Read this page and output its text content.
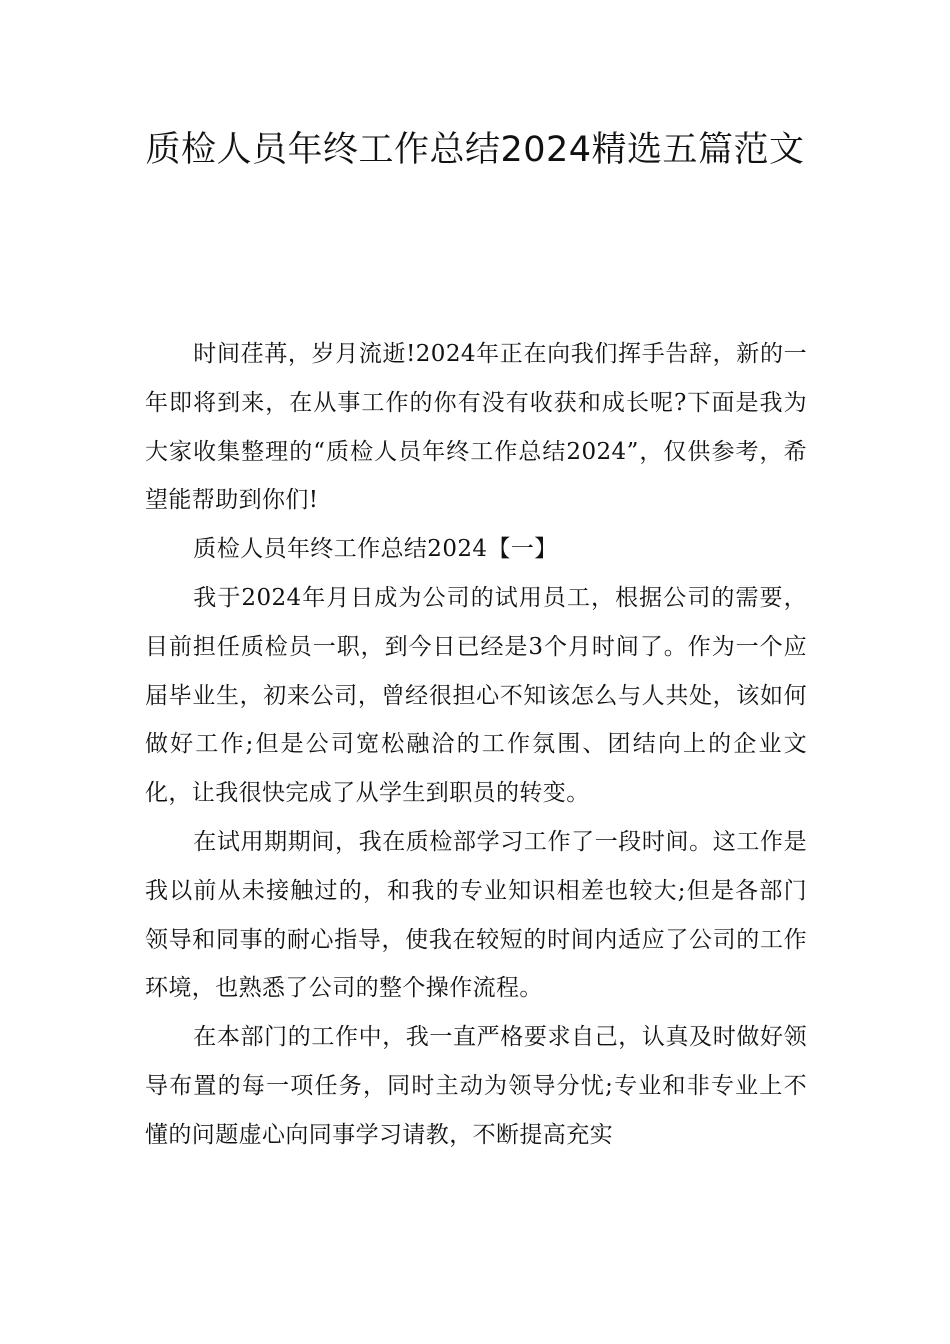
质检人员年终工作总结2024精选五篇范文

时间荏苒，岁月流逝!2024年正在向我们挥手告辞，新的一年即将到来，在从事工作的你有没有收获和成长呢?下面是我为大家收集整理的“质检人员年终工作总结2024”，仅供参考，希望能帮助到你们!

质检人员年终工作总结2024【一】

我于2024年月日成为公司的试用员工，根据公司的需要，目前担任质检员一职，到今日已经是3个月时间了。作为一个应届毕业生，初来公司，曾经很担心不知该怎么与人共处，该如何做好工作;但是公司宽松融洽的工作氛围、团结向上的企业文化，让我很快完成了从学生到职员的转变。

在试用期期间，我在质检部学习工作了一段时间。这工作是我以前从未接触过的，和我的专业知识相差也较大;但是各部门领导和同事的耐心指导，使我在较短的时间内适应了公司的工作环境，也熟悉了公司的整个操作流程。

在本部门的工作中，我一直严格要求自己，认真及时做好领导布置的每一项任务，同时主动为领导分忧;专业和非专业上不懂的问题虚心向同事学习请教，不断提高充实
